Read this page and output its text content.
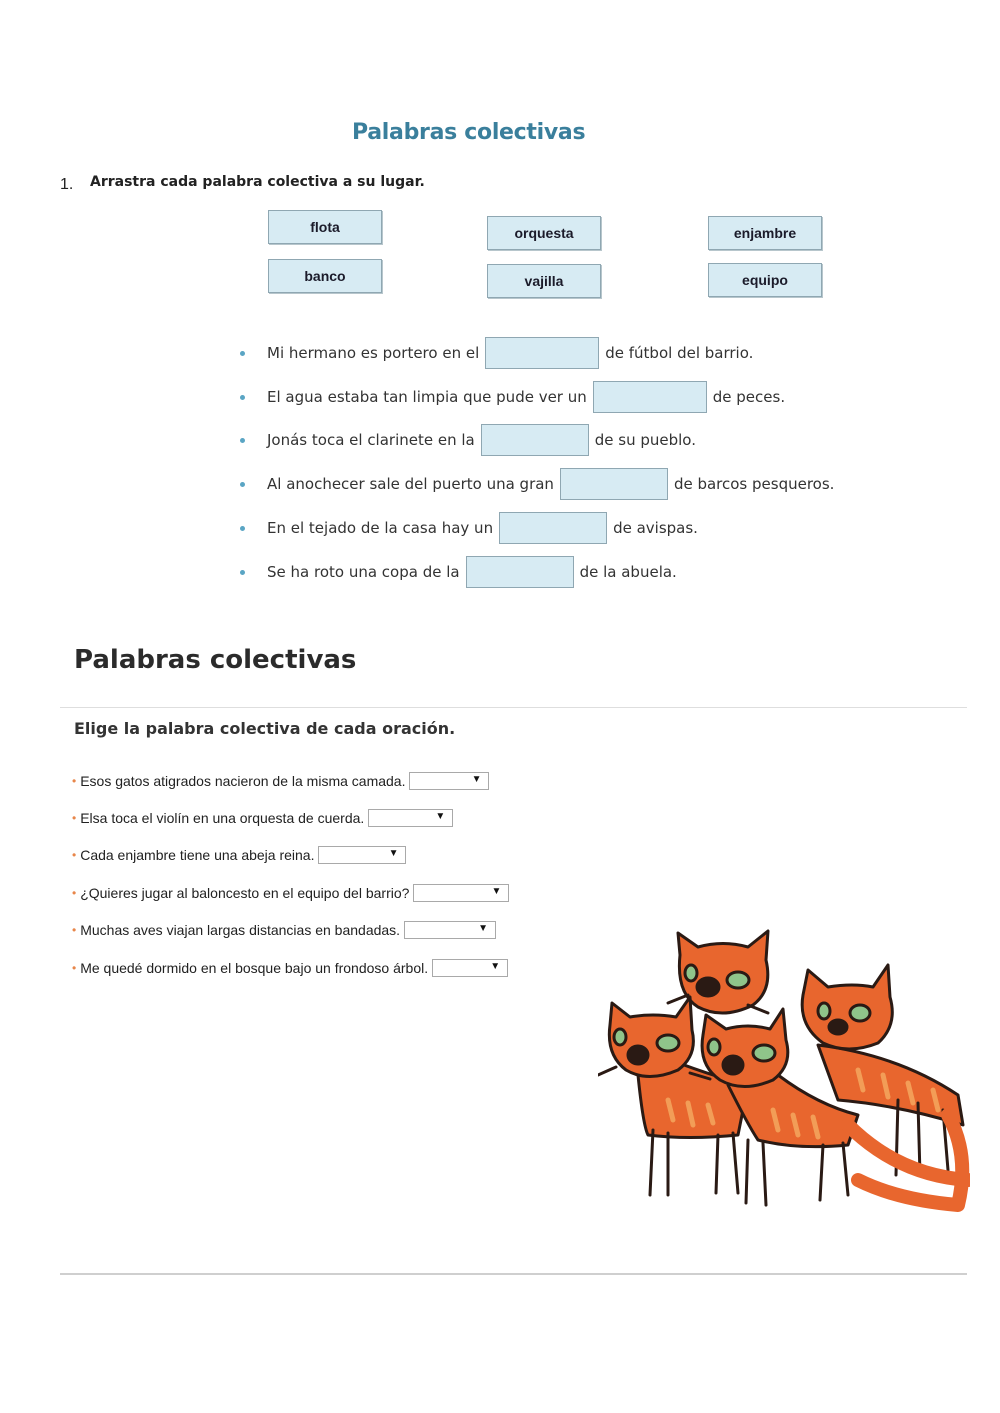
Palabras colectivas
1. Arrastra cada palabra colectiva a su lugar.
flota	orquesta	enjambre
banco	vajilla	equipo
Mi hermano es portero en el	de fútbol del barrio.
El agua estaba tan limpia que pude ver un	de peces.
Jonás toca el clarinete en la	de su pueblo.
Al anochecer sale del puerto una gran	de barcos pesqueros.
En el tejado de la casa hay un	de avispas.
Se ha roto una copa de la	de la abuela.
Palabras colectivas
Elige la palabra colectiva de cada oración.
• Esos gatos atigrados nacieron de la misma camada.	▼
• Elsa toca el violín en una orquesta de cuerda.	▼
• Cada enjambre tiene una abeja reina.	▼
• ¿Quieres jugar al baloncesto en el equipo del barrio?	▼
• Muchas aves viajan largas distancias en bandadas.	▼
• Me quedé dormido en el bosque bajo un frondoso árbol.	▼
